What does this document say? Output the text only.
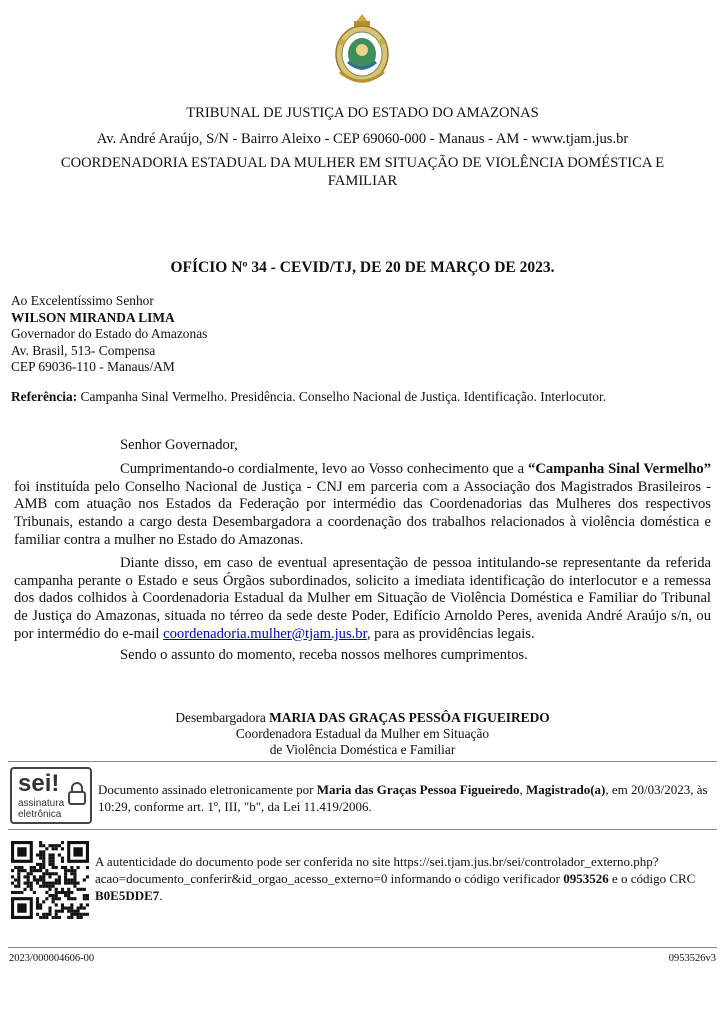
TRIBUNAL DE JUSTIÇA DO ESTADO DO AMAZONAS
Av. André Araújo, S/N - Bairro Aleixo - CEP 69060-000 - Manaus - AM - www.tjam.jus.br
COORDENADORIA ESTADUAL DA MULHER EM SITUAÇÃO DE VIOLÊNCIA DOMÉSTICA E
FAMILIAR
OFÍCIO Nº 34 - CEVID/TJ, DE 20 DE MARÇO DE 2023.
Ao Excelentíssimo Senhor
WILSON MIRANDA LIMA
Governador do Estado do Amazonas
Av. Brasil, 513- Compensa
CEP 69036-110 - Manaus/AM
Referência: Campanha Sinal Vermelho. Presidência. Conselho Nacional de Justiça. Identificação. Interlocutor.
Senhor Governador,
Cumprimentando-o cordialmente, levo ao Vosso conhecimento que a “Campanha Sinal Vermelho” foi instituída pelo Conselho Nacional de Justiça - CNJ em parceria com a Associação dos Magistrados Brasileiros - AMB com atuação nos Estados da Federação por intermédio das Coordenadorias das Mulheres dos respectivos Tribunais, estando a cargo desta Desembargadora a coordenação dos trabalhos relacionados à violência doméstica e familiar contra a mulher no Estado do Amazonas.
Diante disso, em caso de eventual apresentação de pessoa intitulando-se representante da referida campanha perante o Estado e seus Órgãos subordinados, solicito a imediata identificação do interlocutor e a remessa dos dados colhidos à Coordenadoria Estadual da Mulher em Situação de Violência Doméstica e Familiar do Tribunal de Justiça do Amazonas, situada no térreo da sede deste Poder, Edifício Arnoldo Peres, avenida André Araújo s/n, ou por intermédio do e-mail coordenadoria.mulher@tjam.jus.br, para as providências legais.
Sendo o assunto do momento, receba nossos melhores cumprimentos.
Desembargadora MARIA DAS GRAÇAS PESSÔA FIGUEIREDO
Coordenadora Estadual da Mulher em Situação
de Violência Doméstica e Familiar
sei!
assinatura
eletrônica
Documento assinado eletronicamente por Maria das Graças Pessoa Figueiredo, Magistrado(a), em 20/03/2023, às 10:29, conforme art. 1º, III, "b", da Lei 11.419/2006.
A autenticidade do documento pode ser conferida no site https://sei.tjam.jus.br/sei/controlador_externo.php?acao=documento_conferir&id_orgao_acesso_externo=0 informando o código verificador 0953526 e o código CRC B0E5DDE7.
2023/000004606-00	0953526v3
